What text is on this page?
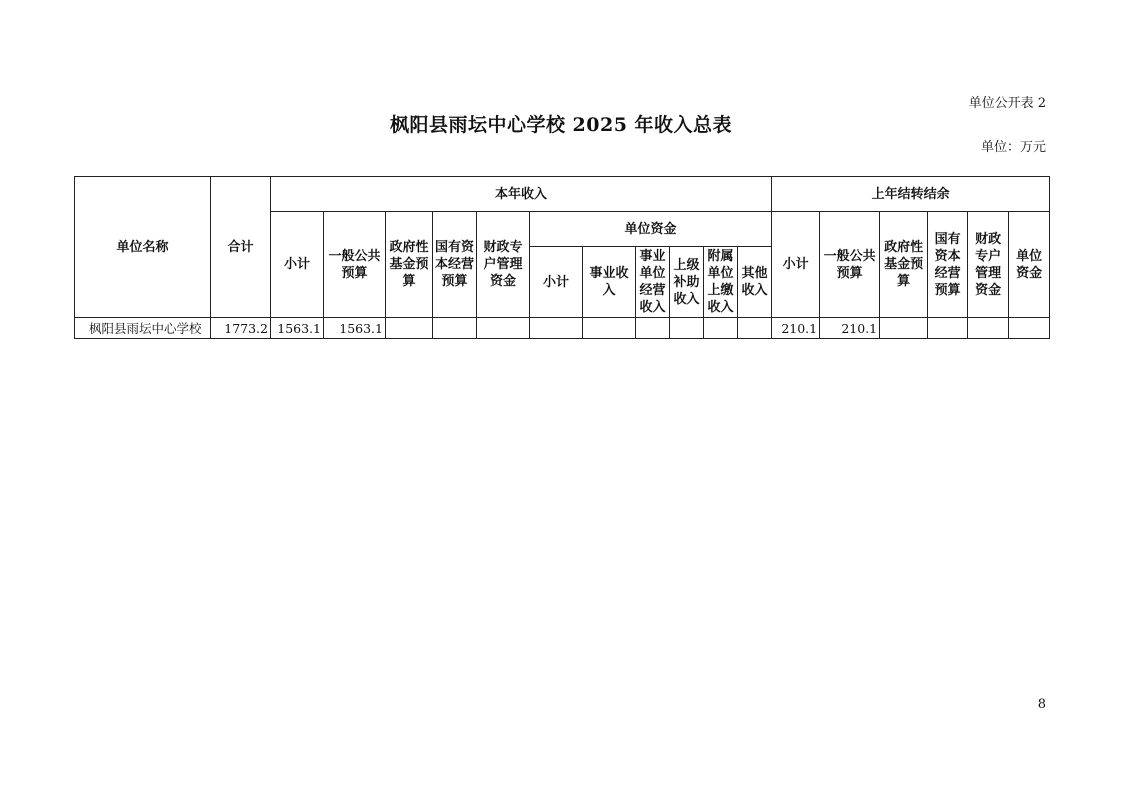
单位公开表 2
枫阳县雨坛中心学校 2025 年收入总表
单位：万元
单位名称	合计	本年收入											上年结转结余					
		小计	一般公共预算	政府性基金预算	国有资本经营预算	财政专户管理资金	单位资金						小计	一般公共预算	政府性基金预算	国有资本经营预算	财政专户管理资金	单位资金
							小计	事业收入	事业单位经营收入	上级补助收入	附属单位上缴收入	其他收入						
枫阳县雨坛中心学校	1773.2	1563.1	1563.1										210.1	210.1				
8
